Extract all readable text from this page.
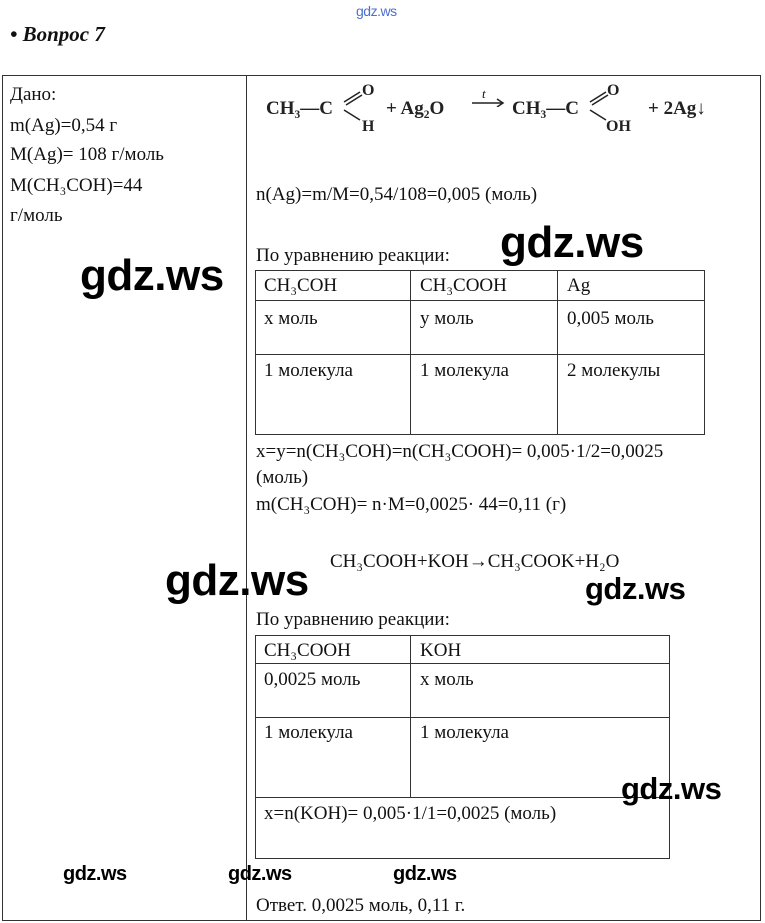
gdz.ws
• Вопрос 7
Дано:
m(Ag)=0,54 г
M(Ag)= 108 г/моль
M(CH₃COH)=44
г/моль
CH₃—C
O
H
+ Ag₂O
t
CH₃—C
O
OH
+ 2Ag↓
n(Ag)=m/M=0,54/108=0,005 (моль)
По уравнению реакции:
CH₃COH	CH₃COOH	Ag
х моль	у моль	0,005 моль
1 молекула	1 молекула	2 молекулы
x=y=n(CH₃COH)=n(CH₃COOH)= 0,005·1/2=0,0025
(моль)
m(CH₃COH)= n·M=0,0025· 44=0,11 (г)
CH₃COOH+KOH→CH₃COOK+H₂O
По уравнению реакции:
CH₃COOH	KOH
0,0025 моль	х моль
1 молекула	1 молекула
x=n(KOH)= 0,005·1/1=0,0025 (моль)
Ответ. 0,0025 моль, 0,11 г.
gdz.ws
gdz.ws
gdz.ws	gdz.ws
gdz.ws
gdz.ws	gdz.ws	gdz.ws
